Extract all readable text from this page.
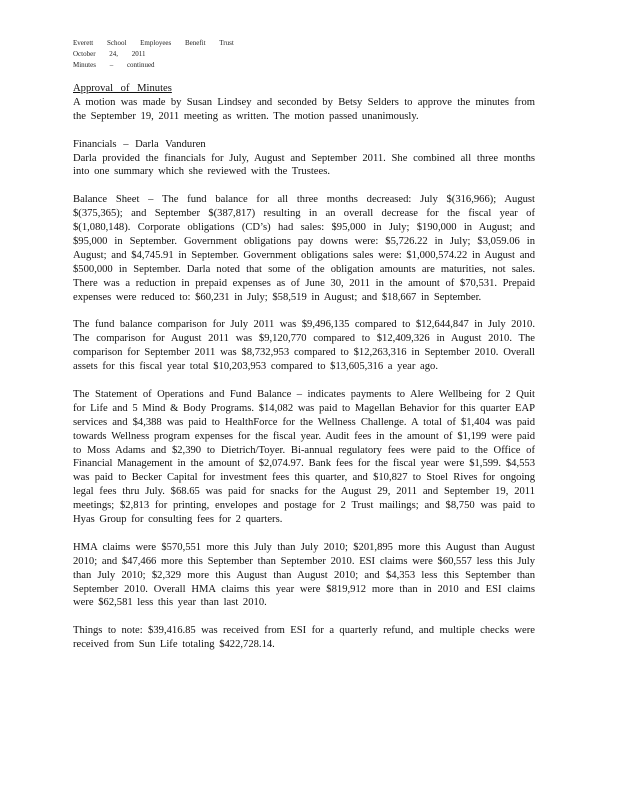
Everett School Employees Benefit Trust
October 24, 2011
Minutes – continued
Approval of Minutes

A motion was made by Susan Lindsey and seconded by Betsy Selders to approve the minutes from the September 19, 2011 meeting as written. The motion passed unanimously.

Financials – Darla Vanduren

Darla provided the financials for July, August and September 2011. She combined all three months into one summary which she reviewed with the Trustees.

Balance Sheet – The fund balance for all three months decreased: July $(316,966); August $(375,365); and September $(387,817) resulting in an overall decrease for the fiscal year of $(1,080,148). Corporate obligations (CD’s) had sales: $95,000 in July; $190,000 in August; and $95,000 in September. Government obligations pay downs were: $5,726.22 in July; $3,059.06 in August; and $4,745.91 in September. Government obligations sales were: $1,000,574.22 in August and $500,000 in September. Darla noted that some of the obligation amounts are maturities, not sales. There was a reduction in prepaid expenses as of June 30, 2011 in the amount of $70,531. Prepaid expenses were reduced to: $60,231 in July; $58,519 in August; and $18,667 in September.

The fund balance comparison for July 2011 was $9,496,135 compared to $12,644,847 in July 2010. The comparison for August 2011 was $9,120,770 compared to $12,409,326 in August 2010. The comparison for September 2011 was $8,732,953 compared to $12,263,316 in September 2010. Overall assets for this fiscal year total $10,203,953 compared to $13,605,316 a year ago.

The Statement of Operations and Fund Balance – indicates payments to Alere Wellbeing for 2 Quit for Life and 5 Mind & Body Programs. $14,082 was paid to Magellan Behavior for this quarter EAP services and $4,388 was paid to HealthForce for the Wellness Challenge. A total of $1,404 was paid towards Wellness program expenses for the fiscal year. Audit fees in the amount of $1,199 were paid to Moss Adams and $2,390 to Dietrich/Toyer. Bi-annual regulatory fees were paid to the Office of Financial Management in the amount of $2,074.97. Bank fees for the fiscal year were $1,599. $4,553 was paid to Becker Capital for investment fees this quarter, and $10,827 to Stoel Rives for ongoing legal fees thru July. $68.65 was paid for snacks for the August 29, 2011 and September 19, 2011 meetings; $2,813 for printing, envelopes and postage for 2 Trust mailings; and $8,750 was paid to Hyas Group for consulting fees for 2 quarters.

HMA claims were $570,551 more this July than July 2010; $201,895 more this August than August 2010; and $47,466 more this September than September 2010. ESI claims were $60,557 less this July than July 2010; $2,329 more this August than August 2010; and $4,353 less this September than September 2010. Overall HMA claims this year were $819,912 more than in 2010 and ESI claims were $62,581 less this year than last 2010.

Things to note: $39,416.85 was received from ESI for a quarterly refund, and multiple checks were received from Sun Life totaling $422,728.14.
